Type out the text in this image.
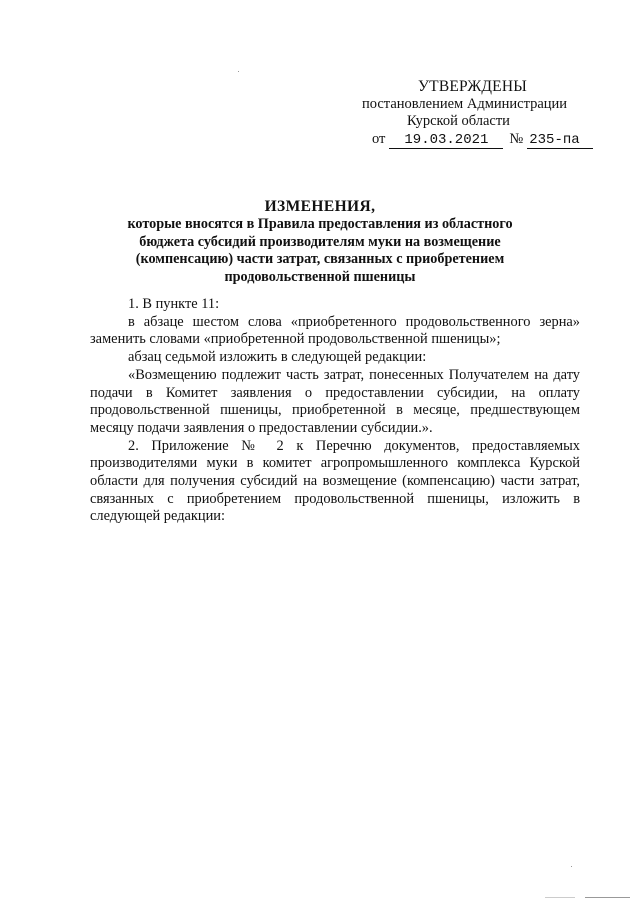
УТВЕРЖДЕНЫ
постановлением Администрации
Курской области
от	19.03.2021	№ 235-па
ИЗМЕНЕНИЯ,
которые вносятся в Правила предоставления из областного
бюджета субсидий производителям муки на возмещение
(компенсацию) части затрат, связанных с приобретением
продовольственной пшеницы

1. В пункте 11:

в абзаце шестом слова «приобретенного продовольственного зерна» заменить словами «приобретенной продовольственной пшеницы»;

абзац седьмой изложить в следующей редакции:

«Возмещению подлежит часть затрат, понесенных Получателем на дату подачи в Комитет заявления о предоставлении субсидии, на оплату продовольственной пшеницы, приобретенной в месяце, предшествующем месяцу подачи заявления о предоставлении субсидии.».

2. Приложение № 2 к Перечню документов, предоставляемых производителями муки в комитет агропромышленного комплекса Курской области для получения субсидий на возмещение (компенсацию) части затрат, связанных с приобретением продовольственной пшеницы, изложить в следующей редакции:
